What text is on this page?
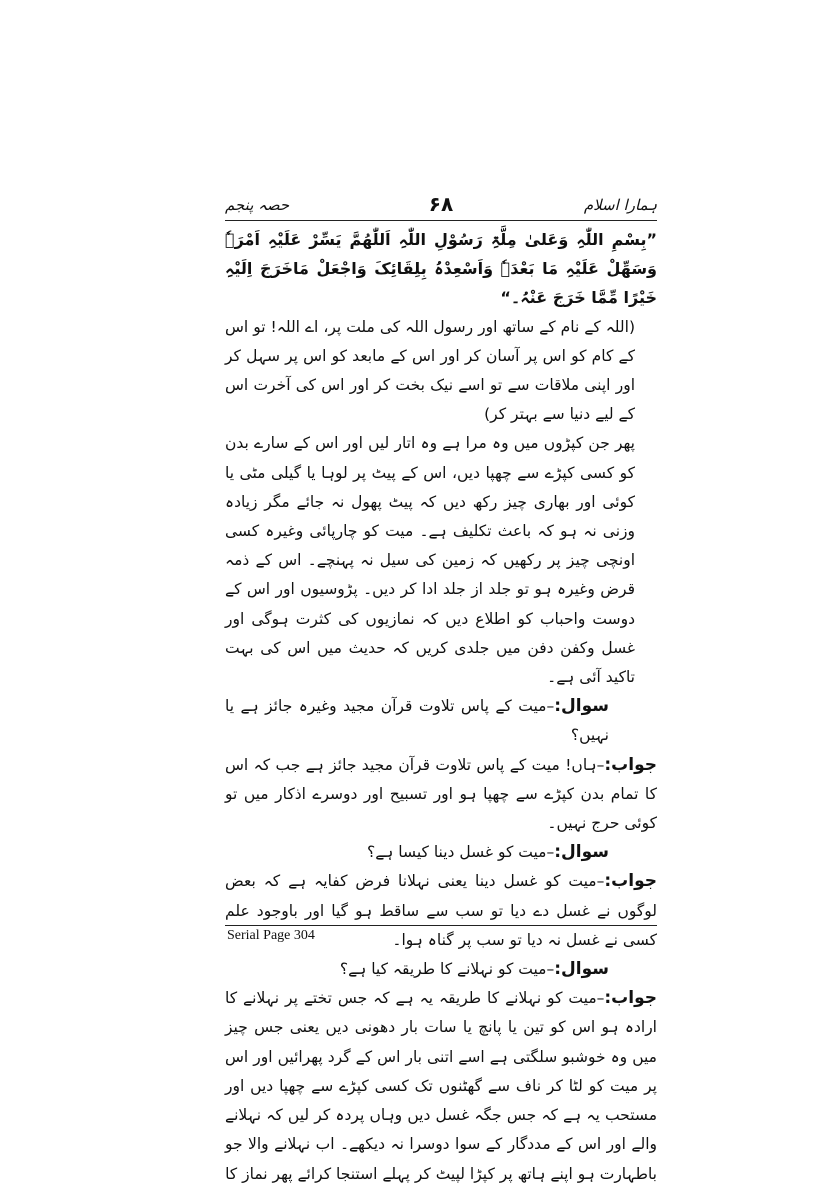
ہمارا اسلام
۶۸
حصہ پنجم

”بِسْمِ اللّٰہِ وَعَلیٰ مِلَّۃِ رَسُوْلِ اللّٰہِ اَللّٰھُمَّ یَسِّرْ عَلَیْہِ اَمْرَہٗ وَسَھِّلْ عَلَیْہِ مَا بَعْدَہٗ وَاَسْعِدْہُ بِلِقَائِکَ وَاجْعَلْ مَاخَرَجَ اِلَیْہِ خَیْرًا مِّمَّا خَرَجَ عَنْہُ۔“

(اللہ کے نام کے ساتھ اور رسول اللہ کی ملت پر، اے اللہ! تو اس کے کام کو اس پر آسان کر اور اس کے مابعد کو اس پر سہل کر اور اپنی ملاقات سے تو اسے نیک بخت کر اور اس کی آخرت اس کے لیے دنیا سے بہتر کر)

پھر جن کپڑوں میں وہ مرا ہے وہ اتار لیں اور اس کے سارے بدن کو کسی کپڑے سے چھپا دیں، اس کے پیٹ پر لوہا یا گیلی مٹی یا کوئی اور بھاری چیز رکھ دیں کہ پیٹ پھول نہ جائے مگر زیادہ وزنی نہ ہو کہ باعث تکلیف ہے۔ میت کو چارپائی وغیرہ کسی اونچی چیز پر رکھیں کہ زمین کی سیل نہ پہنچے۔ اس کے ذمہ قرض وغیرہ ہو تو جلد از جلد ادا کر دیں۔ پڑوسیوں اور اس کے دوست واحباب کو اطلاع دیں کہ نمازیوں کی کثرت ہوگی اور غسل وکفن دفن میں جلدی کریں کہ حدیث میں اس کی بہت تاکید آئی ہے۔

سوال:–میت کے پاس تلاوت قرآن مجید وغیرہ جائز ہے یا نہیں؟

جواب:–ہاں! میت کے پاس تلاوت قرآن مجید جائز ہے جب کہ اس کا تمام بدن کپڑے سے چھپا ہو اور تسبیح اور دوسرے اذکار میں تو کوئی حرج نہیں۔

سوال:–میت کو غسل دینا کیسا ہے؟

جواب:–میت کو غسل دینا یعنی نہلانا فرض کفایہ ہے کہ بعض لوگوں نے غسل دے دیا تو سب سے ساقط ہو گیا اور باوجود علم کسی نے غسل نہ دیا تو سب پر گناہ ہوا۔

سوال:–میت کو نہلانے کا طریقہ کیا ہے؟

جواب:–میت کو نہلانے کا طریقہ یہ ہے کہ جس تختے پر نہلانے کا ارادہ ہو اس کو تین یا پانچ یا سات بار دھونی دیں یعنی جس چیز میں وہ خوشبو سلگتی ہے اسے اتنی بار اس کے گرد پھرائیں اور اس پر میت کو لٹا کر ناف سے گھٹنوں تک کسی کپڑے سے چھپا دیں اور مستحب یہ ہے کہ جس جگہ غسل دیں وہاں پردہ کر لیں کہ نہلانے والے اور اس کے مددگار کے سوا دوسرا نہ دیکھے۔ اب نہلانے والا جو باطہارت ہو اپنے ہاتھ پر کپڑا لپیٹ کر پہلے استنجا کرائے پھر نماز کا

Serial Page 304
